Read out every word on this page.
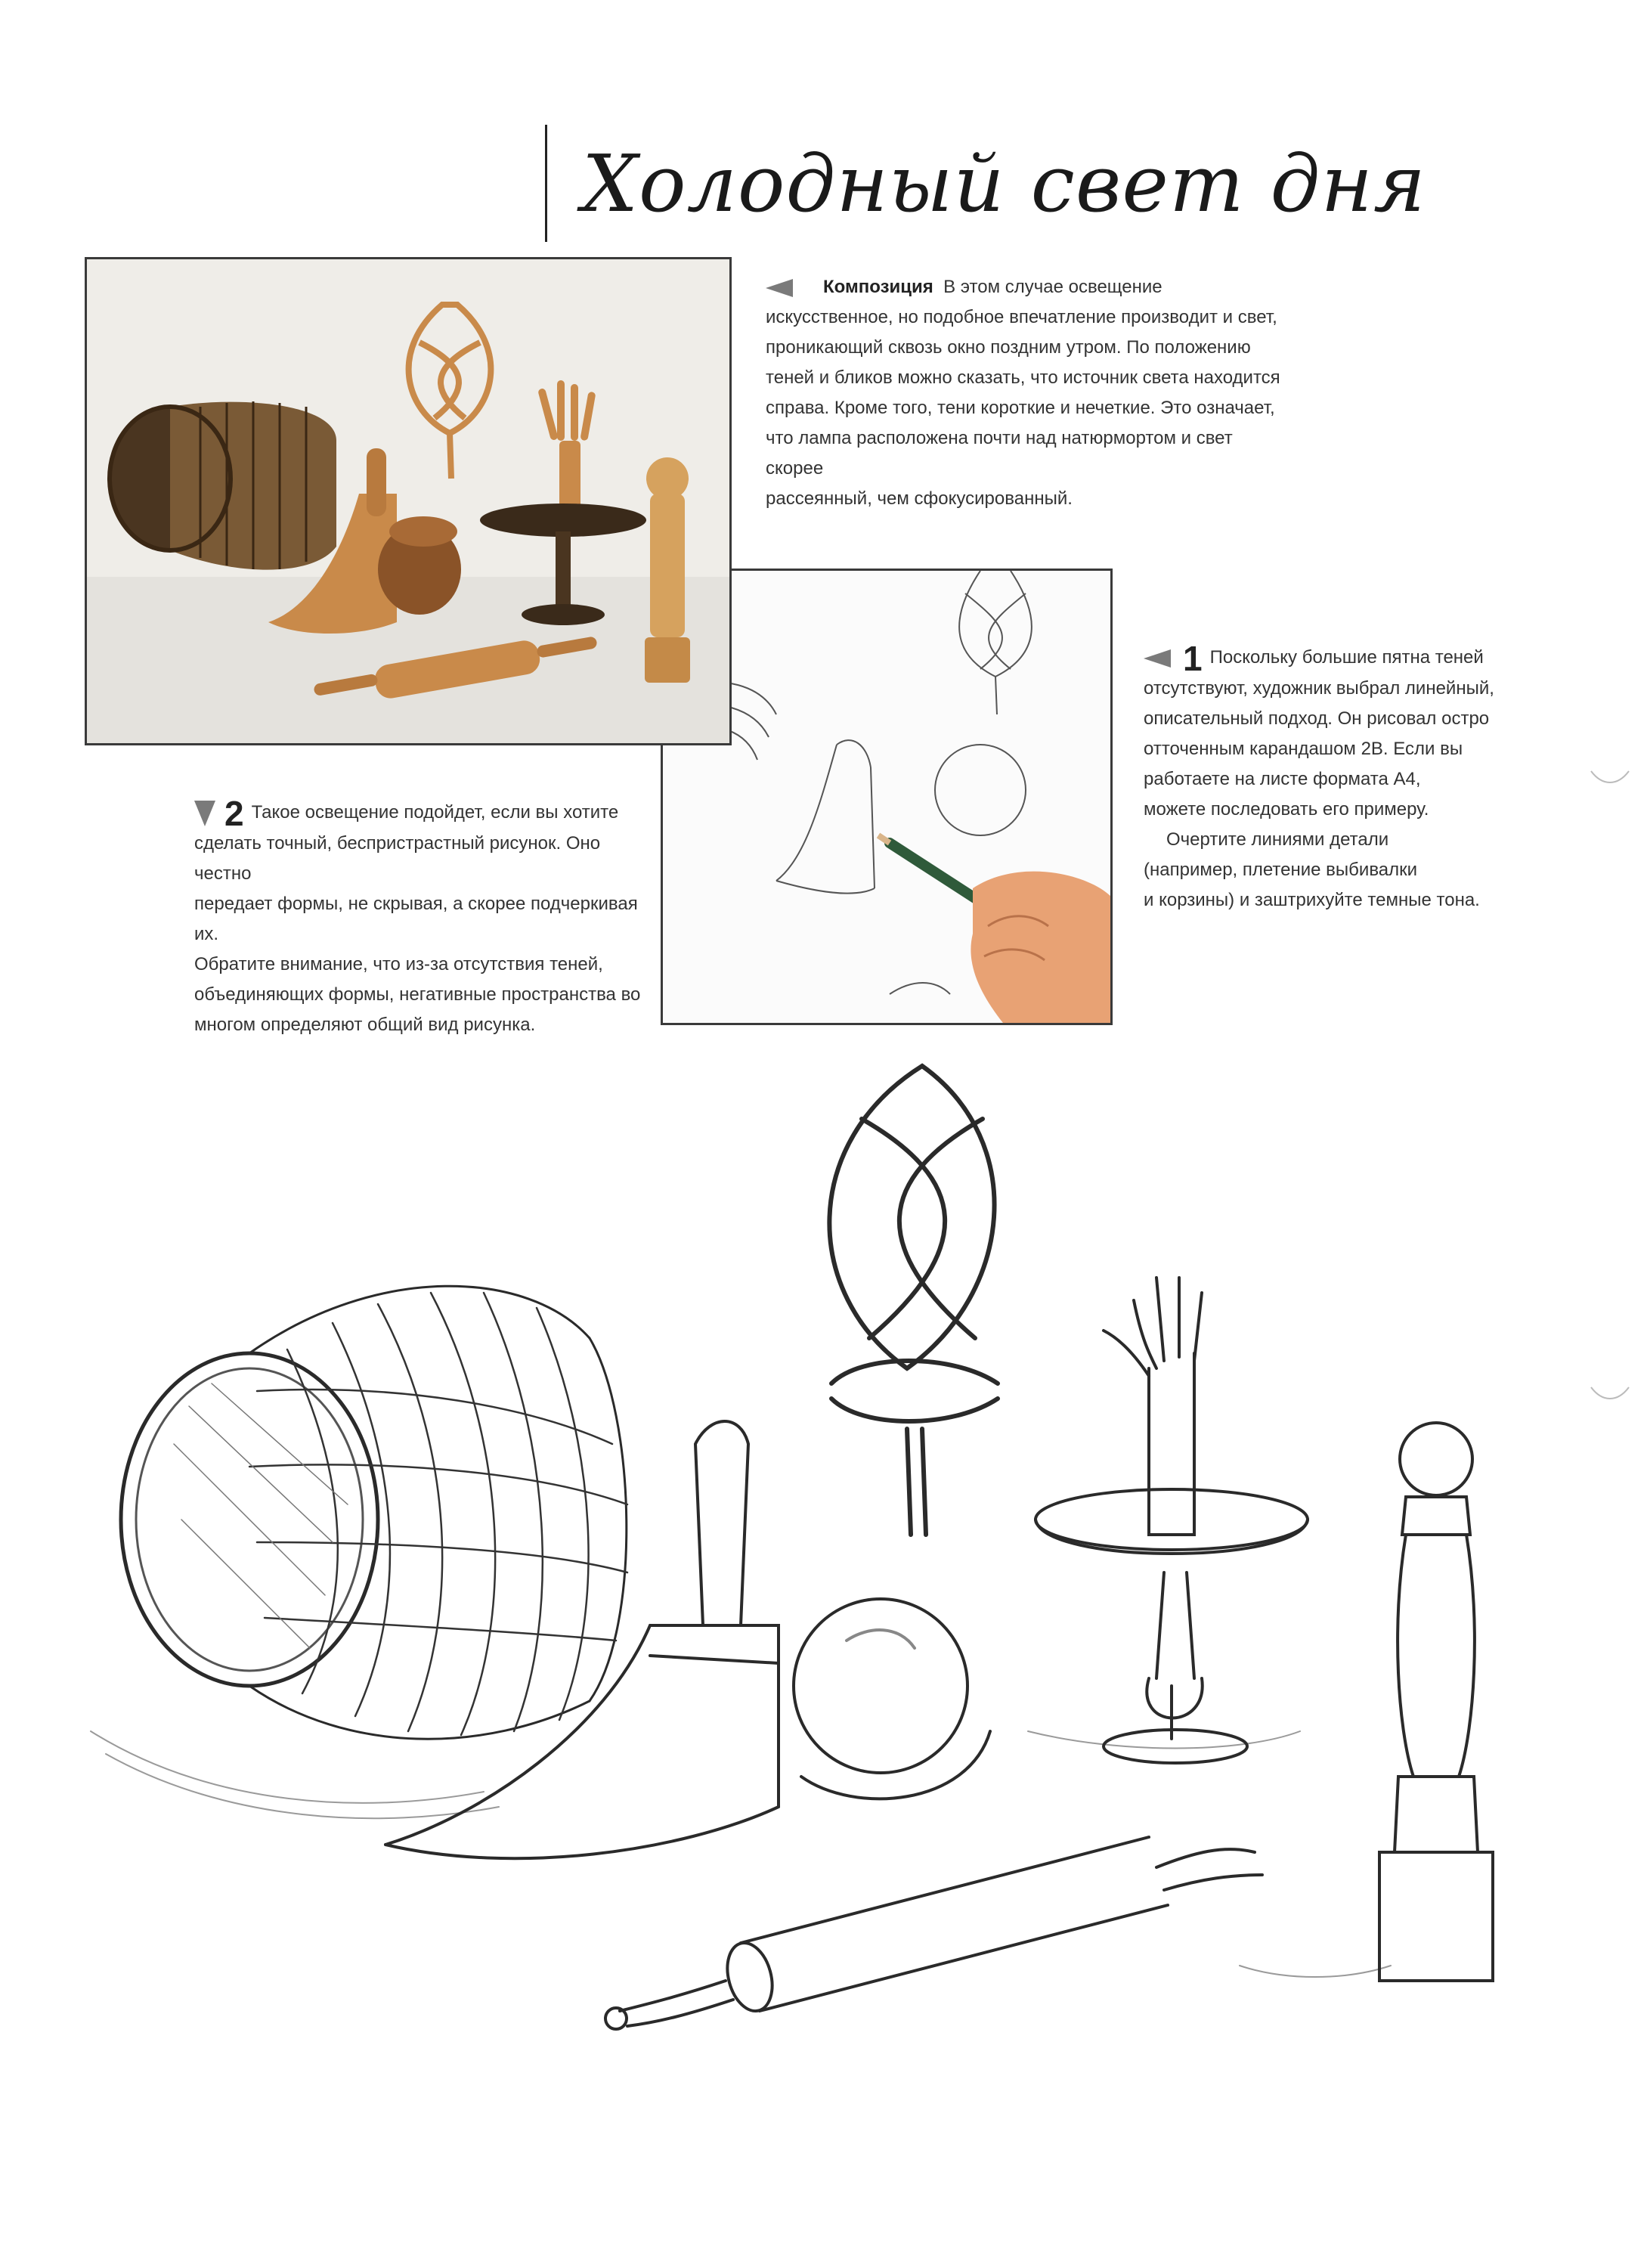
Холодный свет дня
Композиция В этом случае освещение
искусственное, но подобное впечатление производит и свет,
проникающий сквозь окно поздним утром. По положению
теней и бликов можно сказать, что источник света находится
справа. Кроме того, тени короткие и нечеткие. Это означает,
что лампа расположена почти над натюрмортом и свет скорее
рассеянный, чем сфокусированный.
1 Поскольку большие пятна теней
отсутствуют, художник выбрал линейный,
описательный подход. Он рисовал остро
отточенным карандашом 2В. Если вы
работаете на листе формата А4,
можете последовать его примеру.
Очертите линиями детали
(например, плетение выбивалки
и корзины) и заштрихуйте темные тона.
2 Такое освещение подойдет, если вы хотите
сделать точный, беспристрастный рисунок. Оно честно
передает формы, не скрывая, а скорее подчеркивая их.
Обратите внимание, что из-за отсутствия теней,
объединяющих формы, негативные пространства во
многом определяют общий вид рисунка.
